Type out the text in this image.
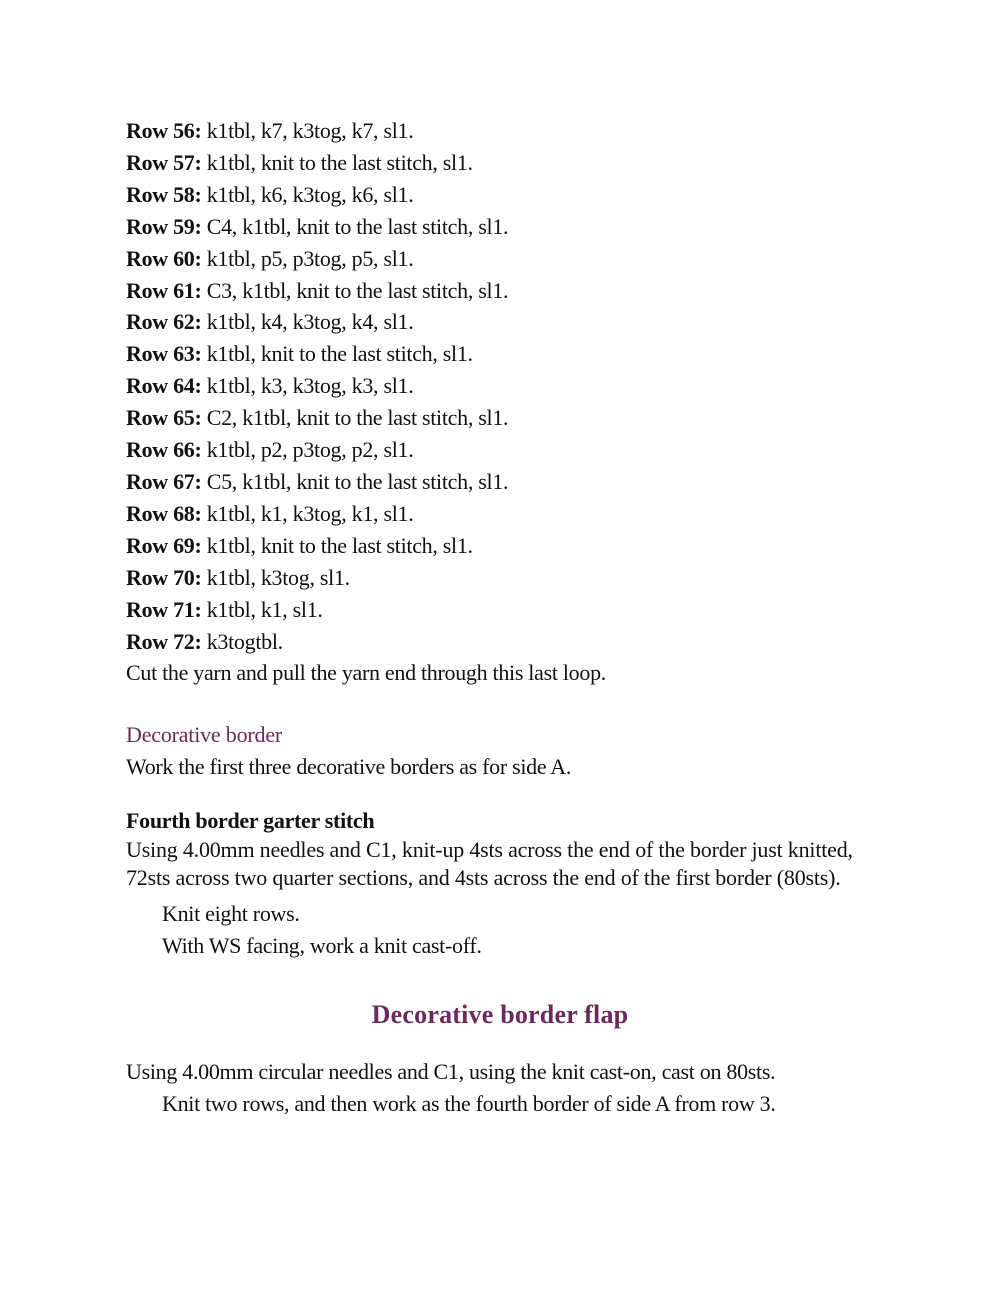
Row 56: k1tbl, k7, k3tog, k7, sl1.
Row 57: k1tbl, knit to the last stitch, sl1.
Row 58: k1tbl, k6, k3tog, k6, sl1.
Row 59: C4, k1tbl, knit to the last stitch, sl1.
Row 60: k1tbl, p5, p3tog, p5, sl1.
Row 61: C3, k1tbl, knit to the last stitch, sl1.
Row 62: k1tbl, k4, k3tog, k4, sl1.
Row 63: k1tbl, knit to the last stitch, sl1.
Row 64: k1tbl, k3, k3tog, k3, sl1.
Row 65: C2, k1tbl, knit to the last stitch, sl1.
Row 66: k1tbl, p2, p3tog, p2, sl1.
Row 67: C5, k1tbl, knit to the last stitch, sl1.
Row 68: k1tbl, k1, k3tog, k1, sl1.
Row 69: k1tbl, knit to the last stitch, sl1.
Row 70: k1tbl, k3tog, sl1.
Row 71: k1tbl, k1, sl1.
Row 72: k3togtbl.
Cut the yarn and pull the yarn end through this last loop.
Decorative border
Work the first three decorative borders as for side A.
Fourth border garter stitch
Using 4.00mm needles and C1, knit-up 4sts across the end of the border just knitted, 72sts across two quarter sections, and 4sts across the end of the first border (80sts).
Knit eight rows.
With WS facing, work a knit cast-off.
Decorative border flap
Using 4.00mm circular needles and C1, using the knit cast-on, cast on 80sts.
Knit two rows, and then work as the fourth border of side A from row 3.
